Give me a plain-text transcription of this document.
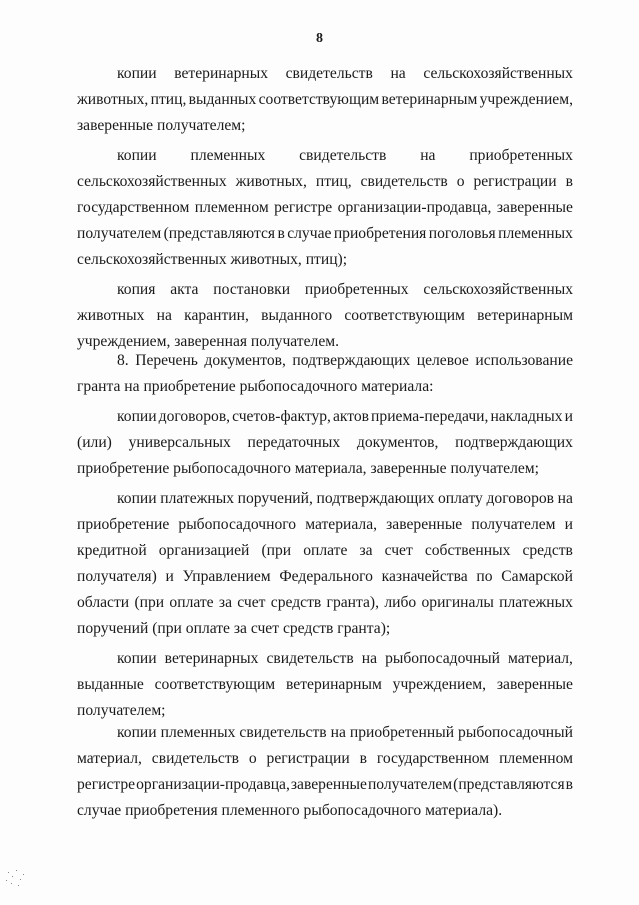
8
копии ветеринарных свидетельств на сельскохозяйственных
животных, птиц, выданных соответствующим ветеринарным учреждением,
заверенные получателем;
копии племенных свидетельств на приобретенных
сельскохозяйственных животных, птиц, свидетельств о регистрации в
государственном племенном регистре организации-продавца, заверенные
получателем (представляются в случае приобретения поголовья племенных
сельскохозяйственных животных, птиц);
копия акта постановки приобретенных сельскохозяйственных
животных на карантин, выданного соответствующим ветеринарным
учреждением, заверенная получателем.
8. Перечень документов, подтверждающих целевое использование
гранта на приобретение рыбопосадочного материала:
копии договоров, счетов-фактур, актов приема-передачи, накладных и
(или) универсальных передаточных документов, подтверждающих
приобретение рыбопосадочного материала, заверенные получателем;
копии платежных поручений, подтверждающих оплату договоров на
приобретение рыбопосадочного материала, заверенные получателем и
кредитной организацией (при оплате за счет собственных средств
получателя) и Управлением Федерального казначейства по Самарской
области (при оплате за счет средств гранта), либо оригиналы платежных
поручений (при оплате за счет средств гранта);
копии ветеринарных свидетельств на рыбопосадочный материал,
выданные соответствующим ветеринарным учреждением, заверенные
получателем;
копии племенных свидетельств на приобретенный рыбопосадочный
материал, свидетельств о регистрации в государственном племенном
регистре организации-продавца, заверенные получателем (представляются в
случае приобретения племенного рыбопосадочного материала).
